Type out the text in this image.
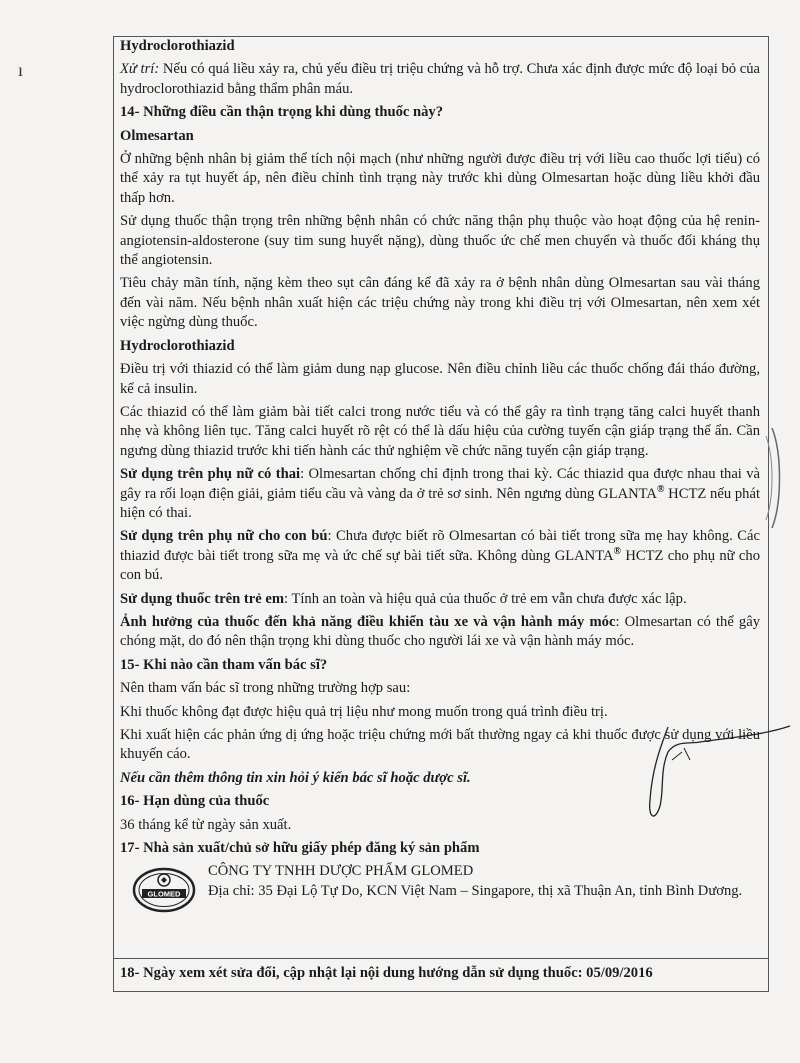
ı

Hydroclorothiazid

Xử trí: Nếu có quá liều xảy ra, chủ yếu điều trị triệu chứng và hỗ trợ. Chưa xác định được mức độ loại bỏ của hydroclorothiazid bằng thẩm phân máu.

14- Những điều cần thận trọng khi dùng thuốc này?

Olmesartan

Ở những bệnh nhân bị giảm thể tích nội mạch (như những người được điều trị với liều cao thuốc lợi tiểu) có thể xảy ra tụt huyết áp, nên điều chỉnh tình trạng này trước khi dùng Olmesartan hoặc dùng liều khởi đầu thấp hơn.

Sử dụng thuốc thận trọng trên những bệnh nhân có chức năng thận phụ thuộc vào hoạt động của hệ renin-angiotensin-aldosterone (suy tim sung huyết nặng), dùng thuốc ức chế men chuyển và thuốc đối kháng thụ thể angiotensin.

Tiêu chảy mãn tính, nặng kèm theo sụt cân đáng kể đã xảy ra ở bệnh nhân dùng Olmesartan sau vài tháng đến vài năm. Nếu bệnh nhân xuất hiện các triệu chứng này trong khi điều trị với Olmesartan, nên xem xét việc ngừng dùng thuốc.

Hydroclorothiazid

Điều trị với thiazid có thể làm giảm dung nạp glucose. Nên điều chỉnh liều các thuốc chống đái tháo đường, kể cả insulin.

Các thiazid có thể làm giảm bài tiết calci trong nước tiểu và có thể gây ra tình trạng tăng calci huyết thanh nhẹ và không liên tục. Tăng calci huyết rõ rệt có thể là dấu hiệu của cường tuyến cận giáp trạng thể ẩn. Cần ngưng dùng thiazid trước khi tiến hành các thử nghiệm về chức năng tuyến cận giáp trạng.

Sử dụng trên phụ nữ có thai: Olmesartan chống chỉ định trong thai kỳ. Các thiazid qua được nhau thai và gây ra rối loạn điện giải, giảm tiểu cầu và vàng da ở trẻ sơ sinh. Nên ngưng dùng GLANTA® HCTZ nếu phát hiện có thai.

Sử dụng trên phụ nữ cho con bú: Chưa được biết rõ Olmesartan có bài tiết trong sữa mẹ hay không. Các thiazid được bài tiết trong sữa mẹ và ức chế sự bài tiết sữa. Không dùng GLANTA® HCTZ cho phụ nữ cho con bú.

Sử dụng thuốc trên trẻ em: Tính an toàn và hiệu quả của thuốc ở trẻ em vẫn chưa được xác lập.

Ảnh hưởng của thuốc đến khả năng điều khiển tàu xe và vận hành máy móc: Olmesartan có thể gây chóng mặt, do đó nên thận trọng khi dùng thuốc cho người lái xe và vận hành máy móc.

15- Khi nào cần tham vấn bác sĩ?

Nên tham vấn bác sĩ trong những trường hợp sau:

Khi thuốc không đạt được hiệu quả trị liệu như mong muốn trong quá trình điều trị.

Khi xuất hiện các phản ứng dị ứng hoặc triệu chứng mới bất thường ngay cả khi thuốc được sử dụng với liều khuyến cáo.

Nếu cần thêm thông tin xin hỏi ý kiến bác sĩ hoặc dược sĩ.

16- Hạn dùng của thuốc

36 tháng kể từ ngày sản xuất.

17- Nhà sản xuất/chủ sở hữu giấy phép đăng ký sản phẩm

GLOMED
CÔNG TY TNHH DƯỢC PHẨM GLOMED
Địa chỉ: 35 Đại Lộ Tự Do, KCN Việt Nam – Singapore, thị xã Thuận An, tỉnh Bình Dương.
18- Ngày xem xét sửa đổi, cập nhật lại nội dung hướng dẫn sử dụng thuốc: 05/09/2016
